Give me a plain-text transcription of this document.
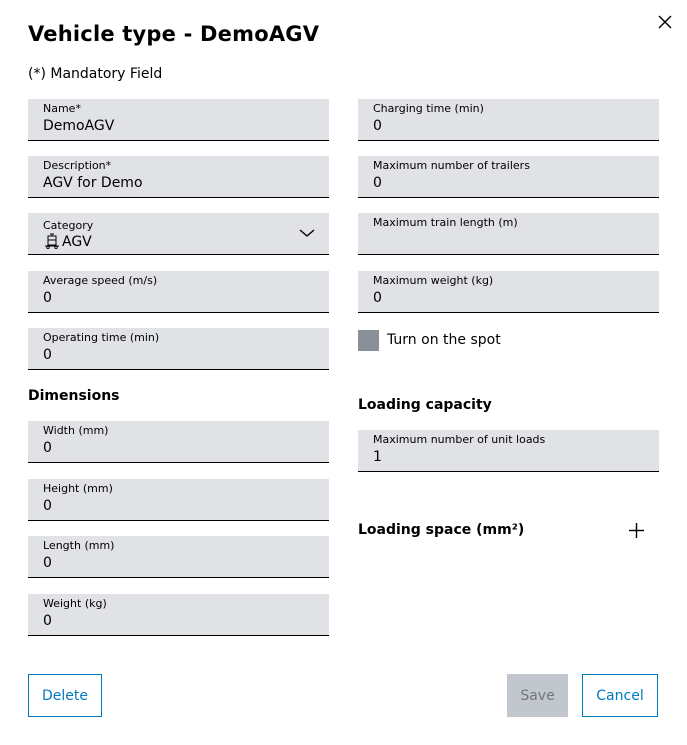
Vehicle type - DemoAGV
(*) Mandatory Field
Name*
DemoAGV
Description*
AGV for Demo
Category
AGV
Average speed (m/s)
0
Operating time (min)
0
Dimensions
Width (mm)
0
Height (mm)
0
Length (mm)
0
Weight (kg)
0
Charging time (min)
0
Maximum number of trailers
0
Maximum train length (m)
Maximum weight (kg)
0
Turn on the spot
Loading capacity
Maximum number of unit loads
1
Loading space (mm²)
Delete	Save	Cancel
